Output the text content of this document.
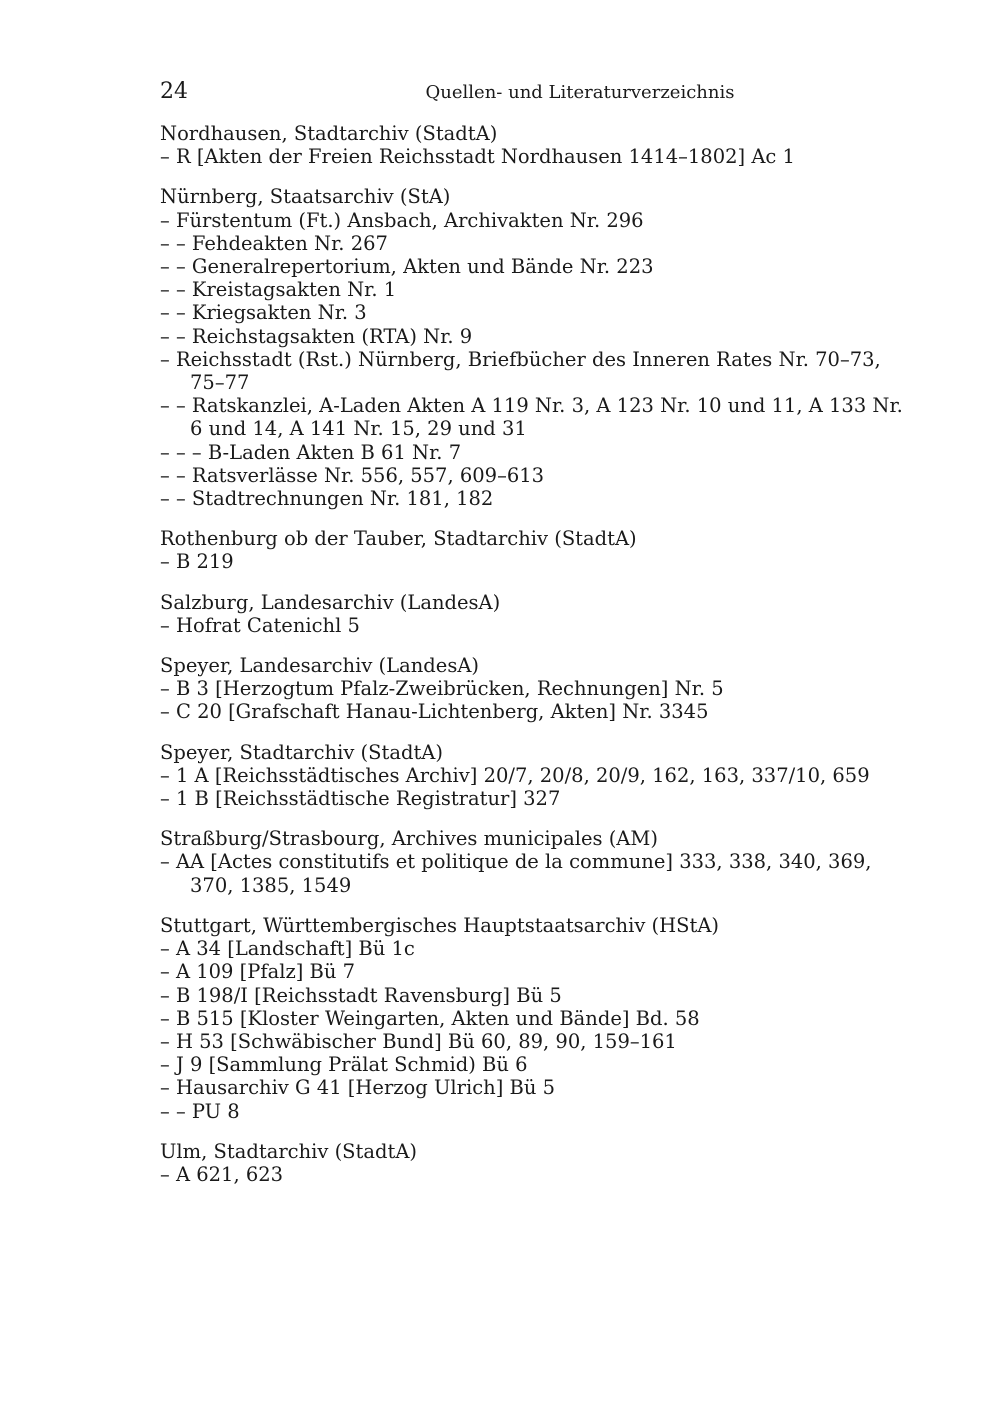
24	Quellen- und Literaturverzeichnis
Nordhausen, Stadtarchiv (StadtA)
– R [Akten der Freien Reichsstadt Nordhausen 1414–1802] Ac 1
Nürnberg, Staatsarchiv (StA)
– Fürstentum (Ft.) Ansbach, Archivakten Nr. 296
– – Fehdeakten Nr. 267
– – Generalrepertorium, Akten und Bände Nr. 223
– – Kreistagsakten Nr. 1
– – Kriegsakten Nr. 3
– – Reichstagsakten (RTA) Nr. 9
– Reichsstadt (Rst.) Nürnberg, Briefbücher des Inneren Rates Nr. 70–73, 75–77
– – Ratskanzlei, A-Laden Akten A 119 Nr. 3, A 123 Nr. 10 und 11, A 133 Nr. 6 und 14, A 141 Nr. 15, 29 und 31
– – – B-Laden Akten B 61 Nr. 7
– – Ratsverlässe Nr. 556, 557, 609–613
– – Stadtrechnungen Nr. 181, 182
Rothenburg ob der Tauber, Stadtarchiv (StadtA)
– B 219
Salzburg, Landesarchiv (LandesA)
– Hofrat Catenichl 5
Speyer, Landesarchiv (LandesA)
– B 3 [Herzogtum Pfalz-Zweibrücken, Rechnungen] Nr. 5
– C 20 [Grafschaft Hanau-Lichtenberg, Akten] Nr. 3345
Speyer, Stadtarchiv (StadtA)
– 1 A [Reichsstädtisches Archiv] 20/7, 20/8, 20/9, 162, 163, 337/10, 659
– 1 B [Reichsstädtische Registratur] 327
Straßburg/Strasbourg, Archives municipales (AM)
– AA [Actes constitutifs et politique de la commune] 333, 338, 340, 369, 370, 1385, 1549
Stuttgart, Württembergisches Hauptstaatsarchiv (HStA)
– A 34 [Landschaft] Bü 1c
– A 109 [Pfalz] Bü 7
– B 198/I [Reichsstadt Ravensburg] Bü 5
– B 515 [Kloster Weingarten, Akten und Bände] Bd. 58
– H 53 [Schwäbischer Bund] Bü 60, 89, 90, 159–161
– J 9 [Sammlung Prälat Schmid) Bü 6
– Hausarchiv G 41 [Herzog Ulrich] Bü 5
– – PU 8
Ulm, Stadtarchiv (StadtA)
– A 621, 623
